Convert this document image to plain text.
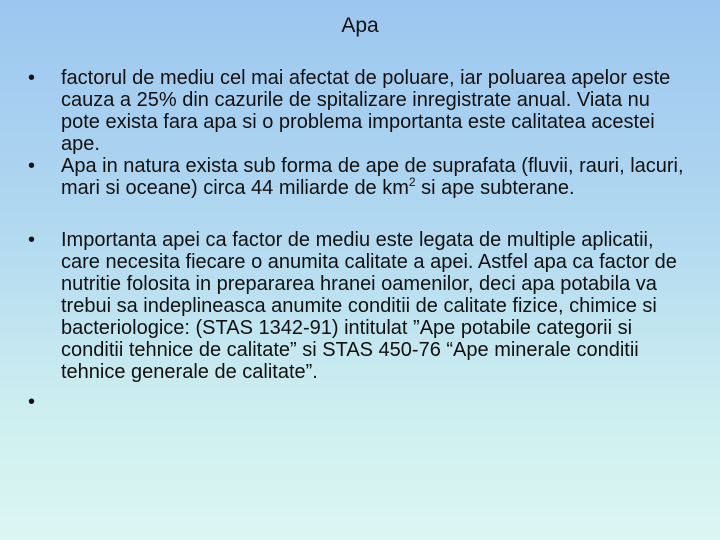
Apa
• factorul de mediu cel mai afectat de poluare, iar poluarea apelor este cauza a 25% din cazurile de spitalizare inregistrate anual. Viata nu pote exista fara apa si o problema importanta este calitatea acestei ape.
• Apa in natura exista sub forma de ape de suprafata (fluvii, rauri, lacuri, mari si oceane) circa 44 miliarde de $km^2$ si ape subterane.
• Importanta apei ca factor de mediu este legata de multiple aplicatii, care necesita fiecare o anumita calitate a apei. Astfel apa ca factor de nutritie folosita in prepararea hranei oamenilor, deci apa potabila va trebui sa indeplineasca anumite conditii de calitate fizice, chimice si bacteriologice: (STAS 1342-91) intitulat ”Ape potabile categorii si conditii tehnice de calitate” si STAS 450-76 “Ape minerale conditii tehnice generale de calitate”.
•
